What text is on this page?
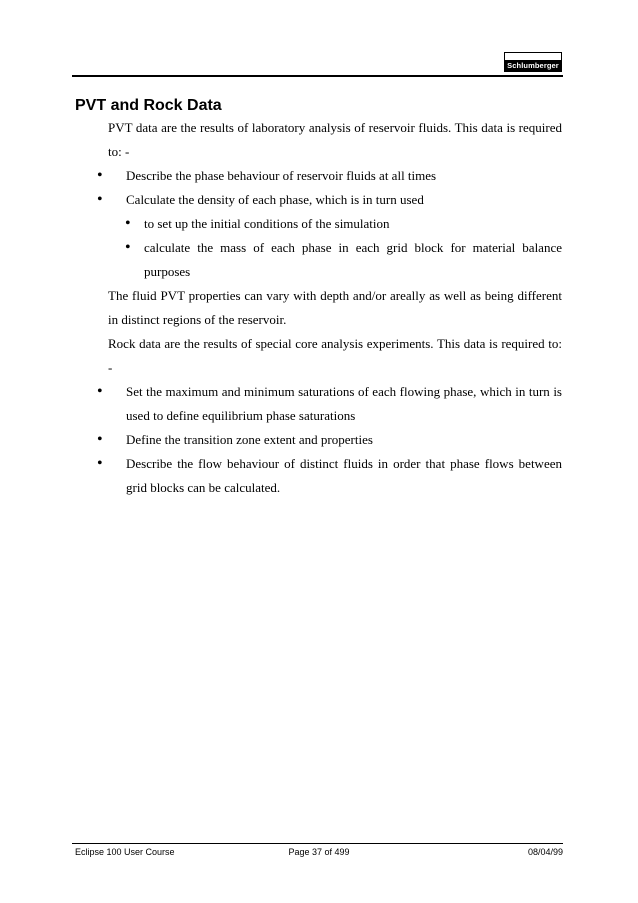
Schlumberger
PVT and Rock Data

PVT data are the results of laboratory analysis of reservoir fluids. This data is required to: -

• Describe the phase behaviour of reservoir fluids at all times

• Calculate the density of each phase, which is in turn used

• to set up the initial conditions of the simulation

• calculate the mass of each phase in each grid block for material balance purposes

The fluid PVT properties can vary with depth and/or areally as well as being different in distinct regions of the reservoir.

Rock data are the results of special core analysis experiments. This data is required to: -

• Set the maximum and minimum saturations of each flowing phase, which in turn is used to define equilibrium phase saturations

• Define the transition zone extent and properties

• Describe the flow behaviour of distinct fluids in order that phase flows between grid blocks can be calculated.

Eclipse 100 User Course	Page 37 of 499	08/04/99
